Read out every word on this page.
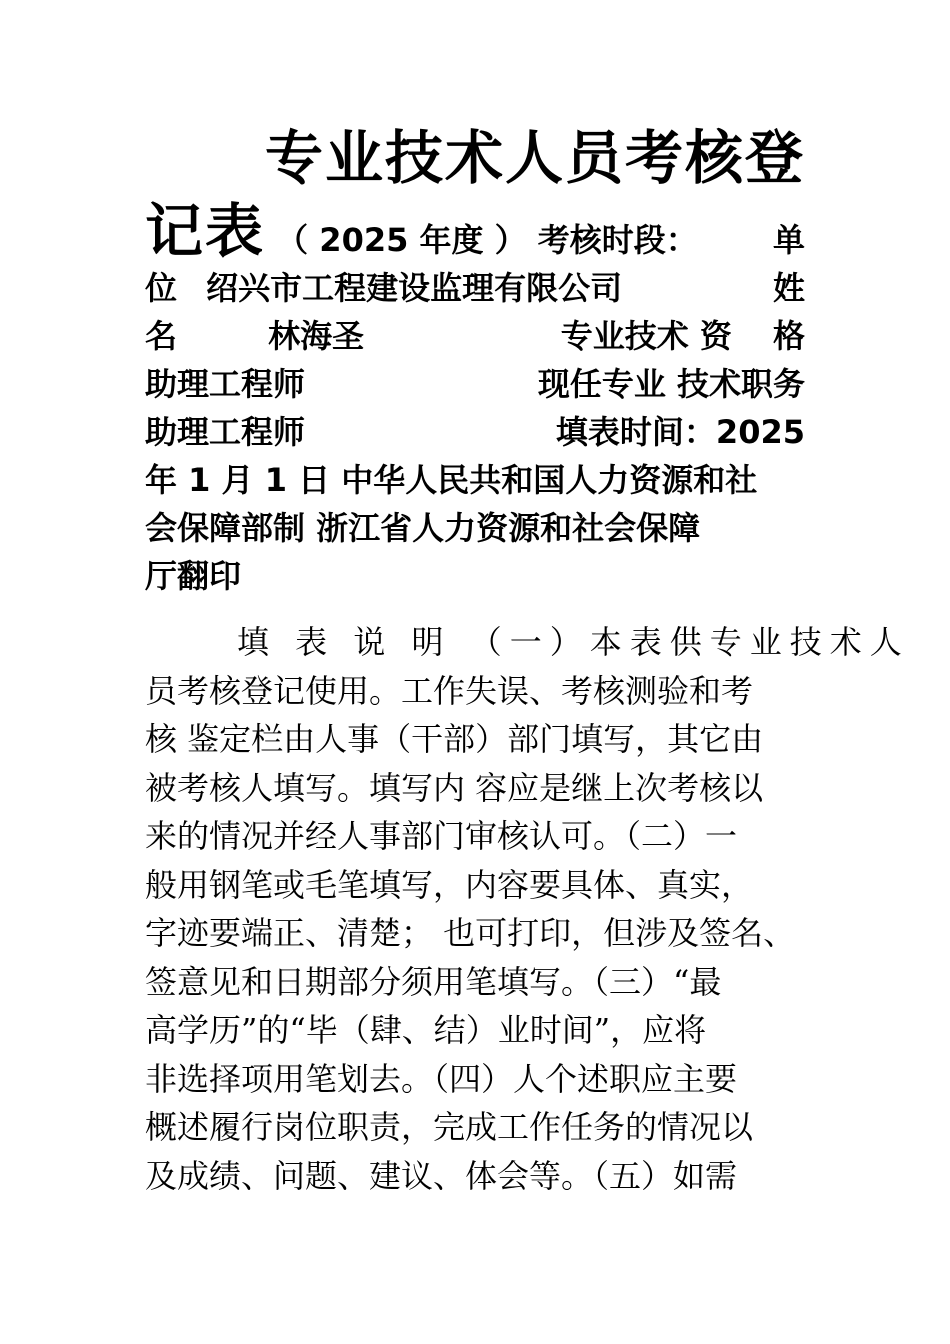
专业技术人员考核登
记表 （ 2025 年度 ） 考核时段： 单
位 绍兴市工程建设监理有限公司	姓
名	林海圣	专业技术 资 格
助理工程师	现任专业 技术职务
助理工程师	填表时间：2025
年 1 月 1 日 中华人民共和国人力资源和社
会保障部制 浙江省人力资源和社会保障
厅翻印
填 表 说 明 （一）本表供专业技术人
员考核登记使用。工作失误、考核测验和考
核 鉴定栏由人事（干部）部门填写，其它由
被考核人填写。填写内 容应是继上次考核以
来的情况并经人事部门审核认可。（二）一
般用钢笔或毛笔填写，内容要具体、真实，
字迹要端正、清楚； 也可打印，但涉及签名、
签意见和日期部分须用笔填写。（三）“最
高学历”的“毕（肆、结）业时间”，应将
非选择项用笔划去。（四）人个述职应主要
概述履行岗位职责，完成工作任务的情况以
及成绩、问题、建议、体会等。（五）如需
